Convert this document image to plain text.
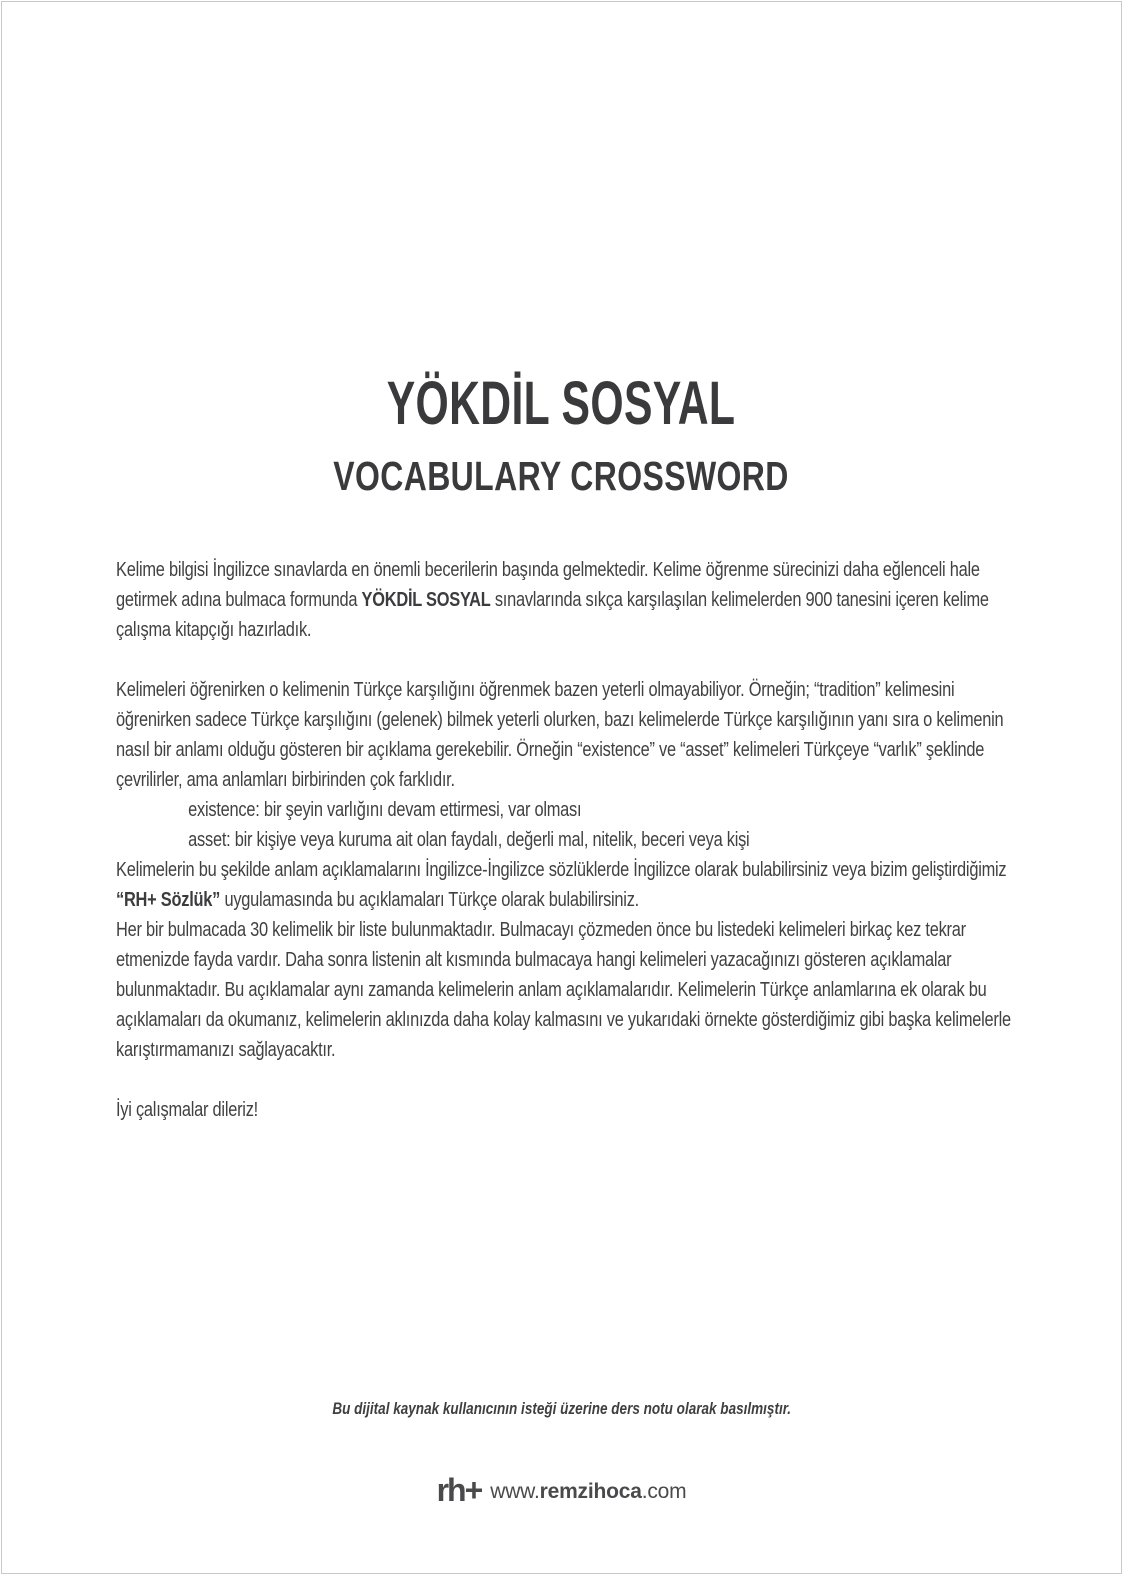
YÖKDİL SOSYAL
VOCABULARY CROSSWORD

Kelime bilgisi İngilizce sınavlarda en önemli becerilerin başında gelmektedir. Kelime öğrenme sürecinizi daha eğlenceli hale getirmek adına bulmaca formunda YÖKDİL SOSYAL sınavlarında sıkça karşılaşılan kelimelerden 900 tanesini içeren kelime çalışma kitapçığı hazırladık.

Kelimeleri öğrenirken o kelimenin Türkçe karşılığını öğrenmek bazen yeterli olmayabiliyor. Örneğin; “tradition” kelimesini öğrenirken sadece Türkçe karşılığını (gelenek) bilmek yeterli olurken, bazı kelimelerde Türkçe karşılığının yanı sıra o kelimenin nasıl bir anlamı olduğu gösteren bir açıklama gerekebilir. Örneğin “existence” ve “asset” kelimeleri Türkçeye “varlık” şeklinde çevrilirler, ama anlamları birbirinden çok farklıdır.

existence: bir şeyin varlığını devam ettirmesi, var olması

asset: bir kişiye veya kuruma ait olan faydalı, değerli mal, nitelik, beceri veya kişi

Kelimelerin bu şekilde anlam açıklamalarını İngilizce-İngilizce sözlüklerde İngilizce olarak bulabilirsiniz veya bizim geliştirdiğimiz “RH+ Sözlük” uygulamasında bu açıklamaları Türkçe olarak bulabilirsiniz.

Her bir bulmacada 30 kelimelik bir liste bulunmaktadır. Bulmacayı çözmeden önce bu listedeki kelimeleri birkaç kez tekrar etmenizde fayda vardır. Daha sonra listenin alt kısmında bulmacaya hangi kelimeleri yazacağınızı gösteren açıklamalar bulunmaktadır. Bu açıklamalar aynı zamanda kelimelerin anlam açıklamalarıdır. Kelimelerin Türkçe anlamlarına ek olarak bu açıklamaları da okumanız, kelimelerin aklınızda daha kolay kalmasını ve yukarıdaki örnekte gösterdiğimiz gibi başka kelimelerle karıştırmamanızı sağlayacaktır.

İyi çalışmalar dileriz!

Bu dijital kaynak kullanıcının isteği üzerine ders notu olarak basılmıştır.
rh+ www.remzihoca.com
